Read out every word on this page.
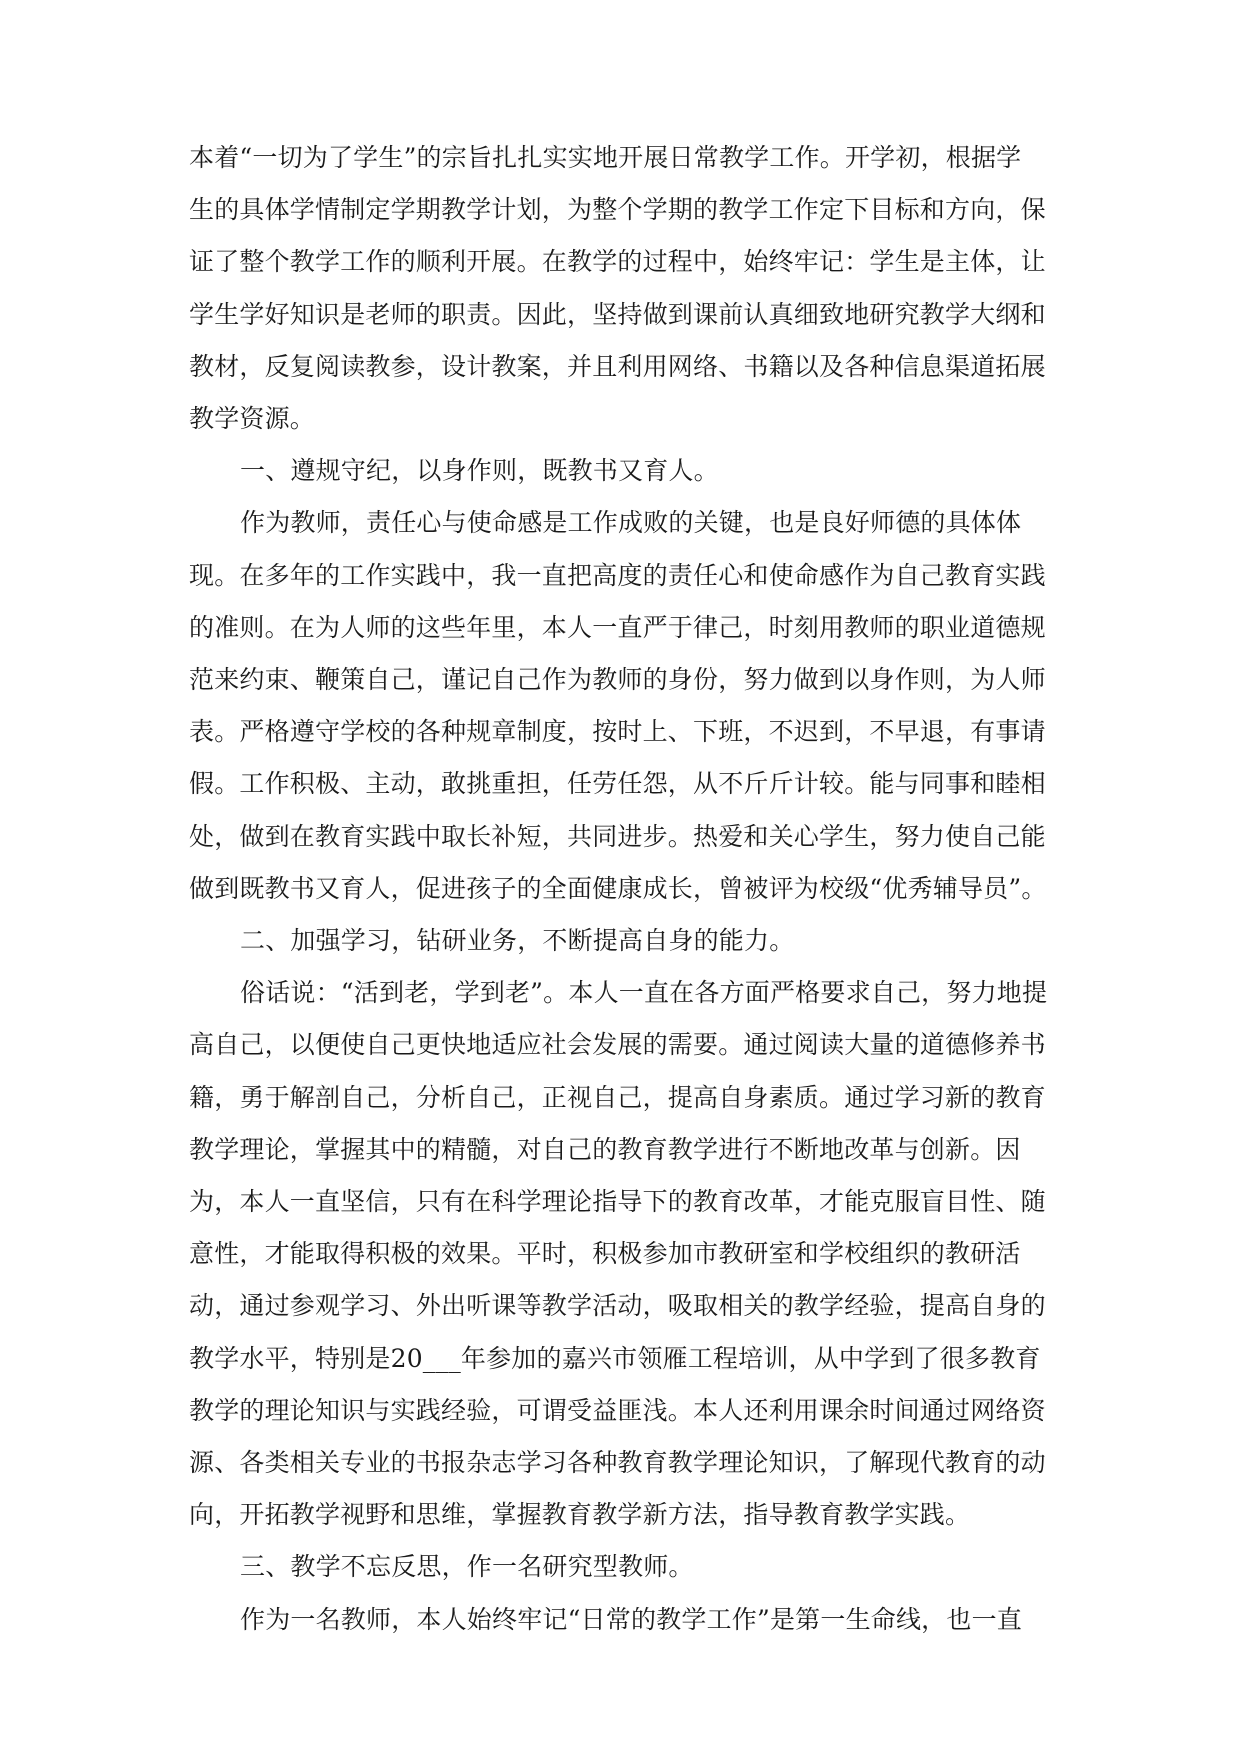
本着“一切为了学生”的宗旨扎扎实实地开展日常教学工作。开学初，根据学
生的具体学情制定学期教学计划，为整个学期的教学工作定下目标和方向，保
证了整个教学工作的顺利开展。在教学的过程中，始终牢记：学生是主体，让
学生学好知识是老师的职责。因此，坚持做到课前认真细致地研究教学大纲和
教材，反复阅读教参，设计教案，并且利用网络、书籍以及各种信息渠道拓展
教学资源。
一、遵规守纪，以身作则，既教书又育人。
作为教师，责任心与使命感是工作成败的关键，也是良好师德的具体体
现。在多年的工作实践中，我一直把高度的责任心和使命感作为自己教育实践
的准则。在为人师的这些年里，本人一直严于律己，时刻用教师的职业道德规
范来约束、鞭策自己，谨记自己作为教师的身份，努力做到以身作则，为人师
表。严格遵守学校的各种规章制度，按时上、下班，不迟到，不早退，有事请
假。工作积极、主动，敢挑重担，任劳任怨，从不斤斤计较。能与同事和睦相
处，做到在教育实践中取长补短，共同进步。热爱和关心学生，努力使自己能
做到既教书又育人，促进孩子的全面健康成长，曾被评为校级“优秀辅导员”。
二、加强学习，钻研业务，不断提高自身的能力。
俗话说：“活到老，学到老”。本人一直在各方面严格要求自己，努力地提
高自己，以便使自己更快地适应社会发展的需要。通过阅读大量的道德修养书
籍，勇于解剖自己，分析自己，正视自己，提高自身素质。通过学习新的教育
教学理论，掌握其中的精髓，对自己的教育教学进行不断地改革与创新。因
为，本人一直坚信，只有在科学理论指导下的教育改革，才能克服盲目性、随
意性，才能取得积极的效果。平时，积极参加市教研室和学校组织的教研活
动，通过参观学习、外出听课等教学活动，吸取相关的教学经验，提高自身的
教学水平，特别是20___年参加的嘉兴市领雁工程培训，从中学到了很多教育
教学的理论知识与实践经验，可谓受益匪浅。本人还利用课余时间通过网络资
源、各类相关专业的书报杂志学习各种教育教学理论知识，了解现代教育的动
向，开拓教学视野和思维，掌握教育教学新方法，指导教育教学实践。
三、教学不忘反思，作一名研究型教师。
作为一名教师，本人始终牢记“日常的教学工作”是第一生命线，也一直
